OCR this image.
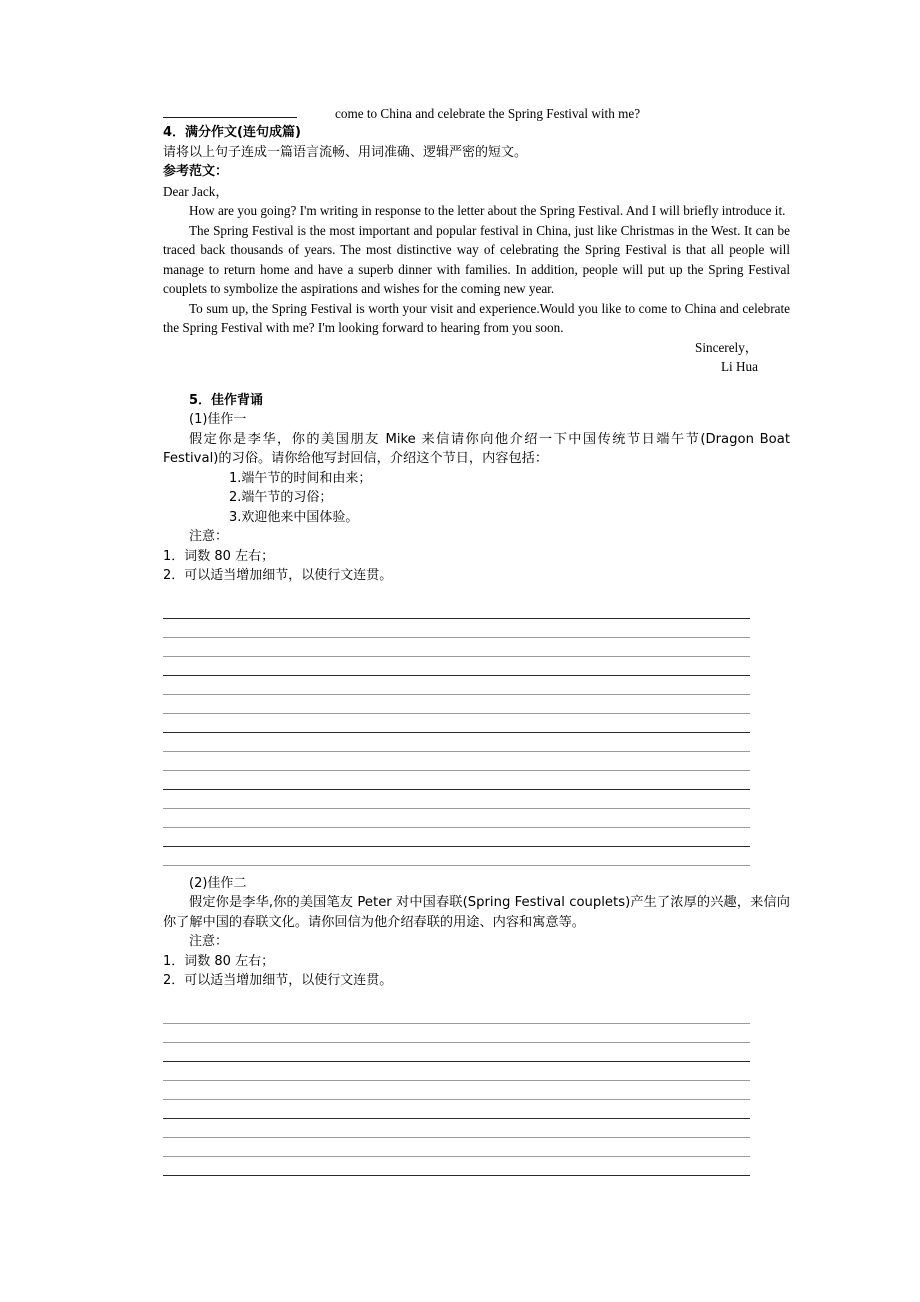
come to China and celebrate the Spring Festival with me?
4．满分作文(连句成篇)
请将以上句子连成一篇语言流畅、用词准确、逻辑严密的短文。
参考范文：
Dear Jack，
How are you going? I'm writing in response to the letter about the Spring Festival. And I will briefly introduce it.
The Spring Festival is the most important and popular festival in China, just like Christmas in the West. It can be traced back thousands of years. The most distinctive way of celebrating the Spring Festival is that all people will manage to return home and have a superb dinner with families. In addition, people will put up the Spring Festival couplets to symbolize the aspirations and wishes for the coming new year.
To sum up, the Spring Festival is worth your visit and experience.Would you like to come to China and celebrate the Spring Festival with me? I'm looking forward to hearing from you soon.
Sincerely，
Li Hua
5．佳作背诵
(1)佳作一
假定你是李华，你的美国朋友 Mike 来信请你向他介绍一下中国传统节日端午节(Dragon Boat Festival)的习俗。请你给他写封回信，介绍这个节日，内容包括：
1.端午节的时间和由来；
2.端午节的习俗；
3.欢迎他来中国体验。
注意：
1．词数 80 左右；
2．可以适当增加细节，以使行文连贯。
(2)佳作二
假定你是李华,你的美国笔友 Peter 对中国春联(Spring Festival couplets)产生了浓厚的兴趣，来信向你了解中国的春联文化。请你回信为他介绍春联的用途、内容和寓意等。
注意：
1．词数 80 左右；
2．可以适当增加细节，以使行文连贯。
